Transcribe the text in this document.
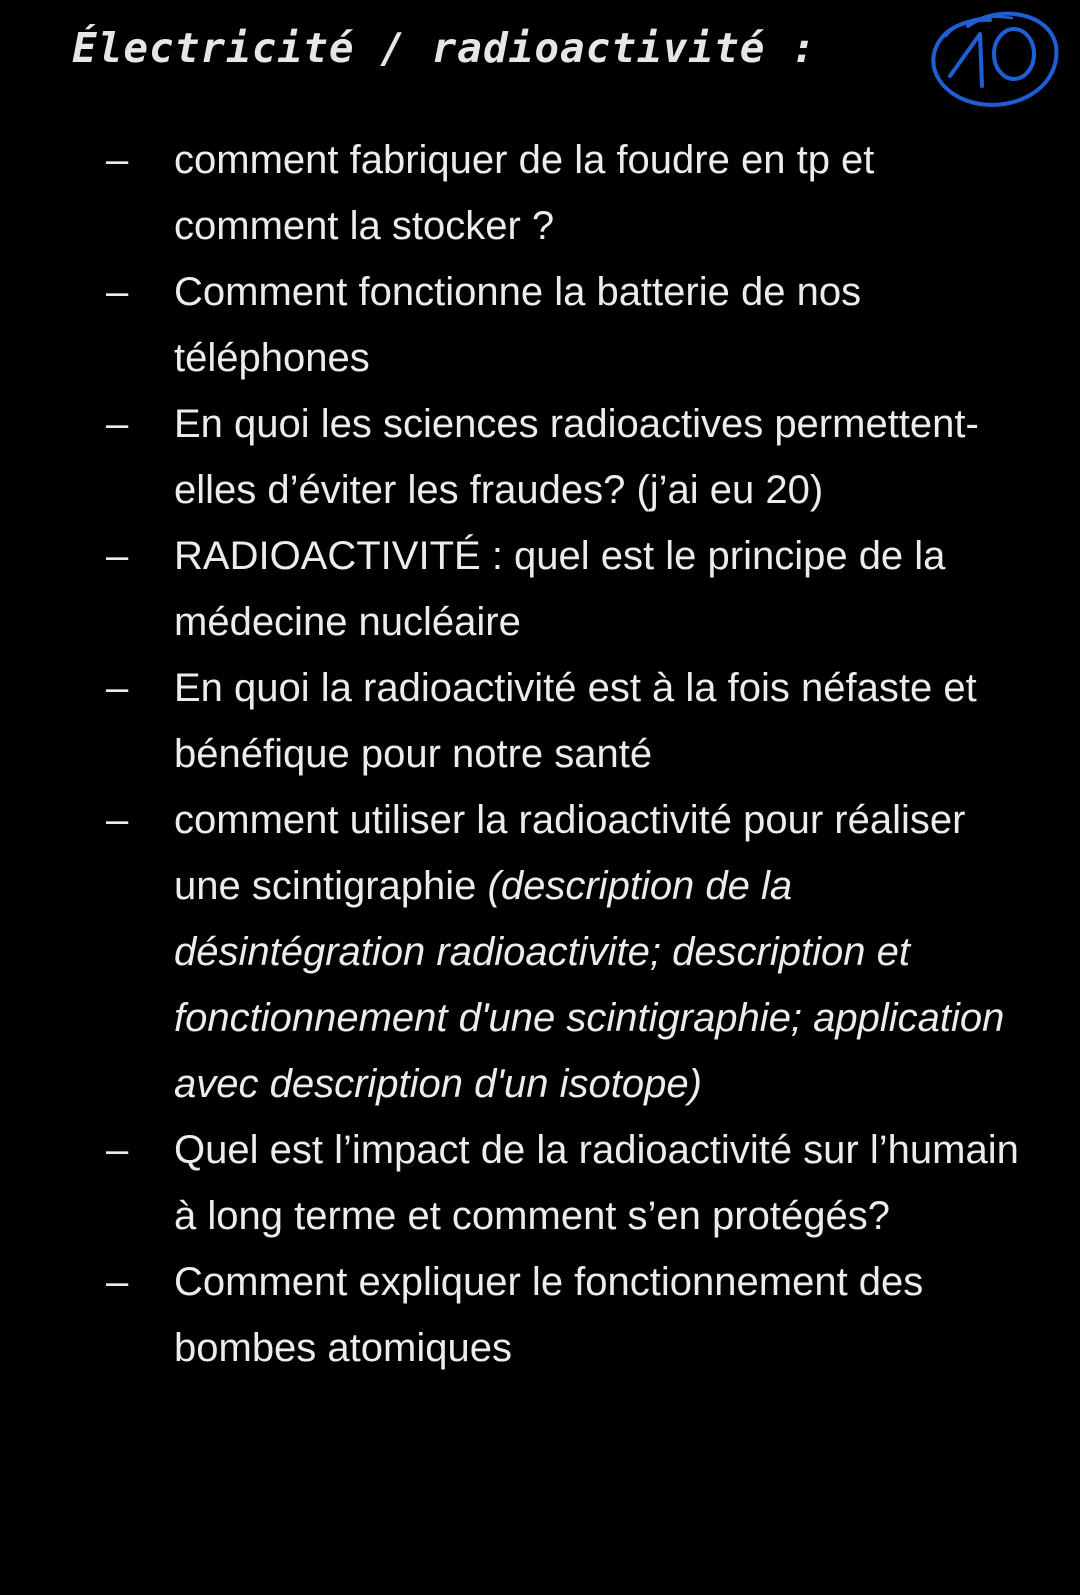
Électricité / radioactivité :
– comment fabriquer de la foudre en tp et comment la stocker ?
– Comment fonctionne la batterie de nos téléphones
– En quoi les sciences radioactives permettent-elles d’éviter les fraudes? (j’ai eu 20)
– RADIOACTIVITÉ : quel est le principe de la médecine nucléaire
– En quoi la radioactivité est à la fois néfaste et bénéfique pour notre santé
– comment utiliser la radioactivité pour réaliser une scintigraphie (description de la désintégration radioactivite; description et fonctionnement d'une scintigraphie; application avec description d'un isotope)
– Quel est l’impact de la radioactivité sur l’humain à long terme et comment s’en protégés?
– Comment expliquer le fonctionnement des bombes atomiques
